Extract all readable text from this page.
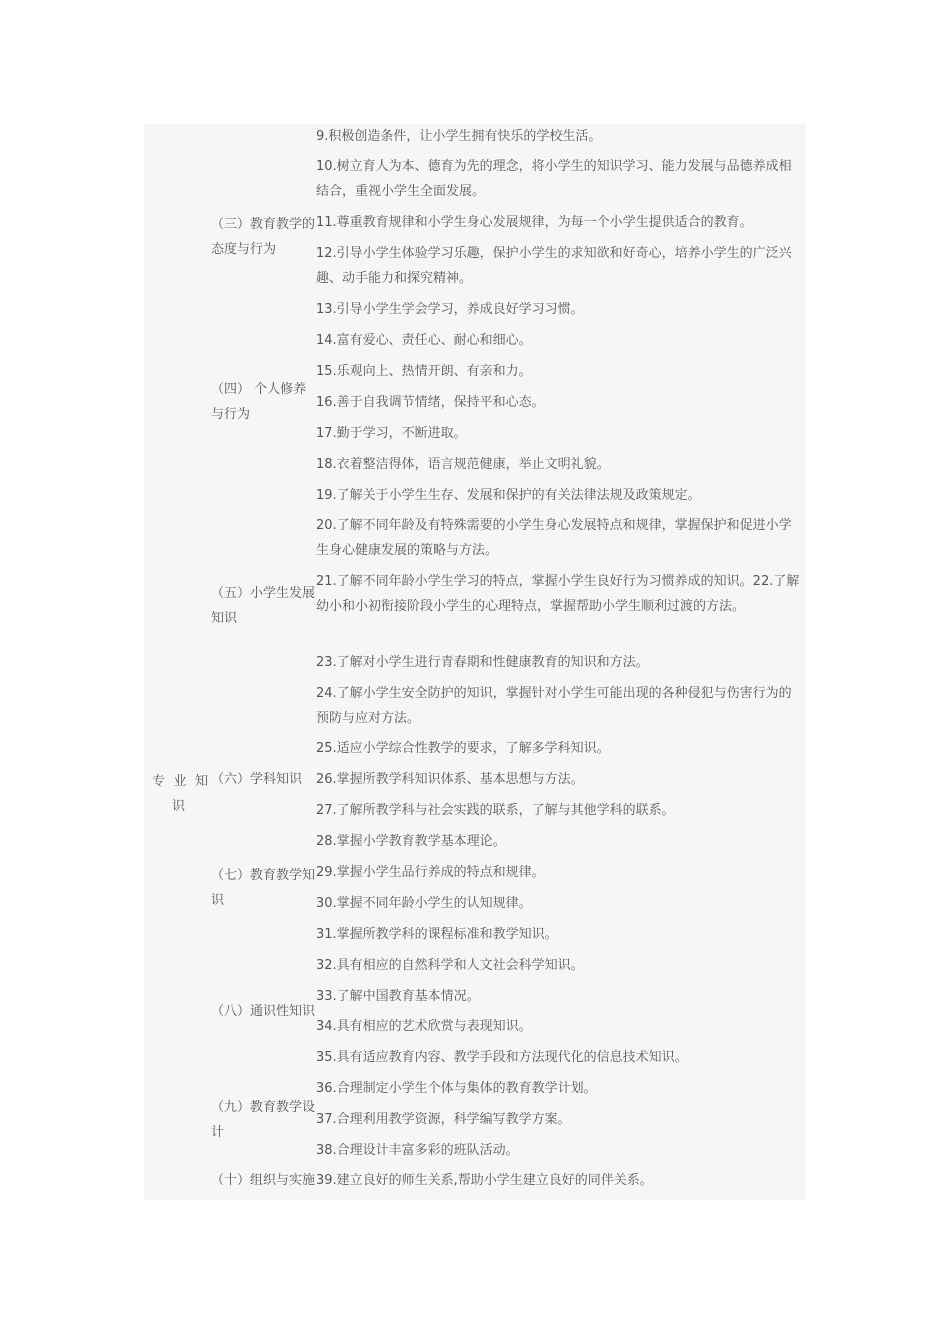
专 业 知
识
（三）教育教学的
态度与行为
（四） 个人修养
与行为
（五）小学生发展
知识
（六）学科知识
（七）教育教学知
识
（八）通识性知识
（九）教育教学设
计
（十）组织与实施
9.积极创造条件，让小学生拥有快乐的学校生活。
10.树立育人为本、德育为先的理念，将小学生的知识学习、能力发展与品德养成相结合，重视小学生全面发展。
11.尊重教育规律和小学生身心发展规律，为每一个小学生提供适合的教育。
12.引导小学生体验学习乐趣，保护小学生的求知欲和好奇心，培养小学生的广泛兴趣、动手能力和探究精神。
13.引导小学生学会学习，养成良好学习习惯。
14.富有爱心、责任心、耐心和细心。
15.乐观向上、热情开朗、有亲和力。
16.善于自我调节情绪，保持平和心态。
17.勤于学习，不断进取。
18.衣着整洁得体，语言规范健康，举止文明礼貌。
19.了解关于小学生生存、发展和保护的有关法律法规及政策规定。
20.了解不同年龄及有特殊需要的小学生身心发展特点和规律，掌握保护和促进小学生身心健康发展的策略与方法。
21.了解不同年龄小学生学习的特点，掌握小学生良好行为习惯养成的知识。22.了解幼小和小初衔接阶段小学生的心理特点，掌握帮助小学生顺利过渡的方法。
23.了解对小学生进行青春期和性健康教育的知识和方法。
24.了解小学生安全防护的知识，掌握针对小学生可能出现的各种侵犯与伤害行为的预防与应对方法。
25.适应小学综合性教学的要求，了解多学科知识。
26.掌握所教学科知识体系、基本思想与方法。
27.了解所教学科与社会实践的联系，了解与其他学科的联系。
28.掌握小学教育教学基本理论。
29.掌握小学生品行养成的特点和规律。
30.掌握不同年龄小学生的认知规律。
31.掌握所教学科的课程标准和教学知识。
32.具有相应的自然科学和人文社会科学知识。
33.了解中国教育基本情况。
34.具有相应的艺术欣赏与表现知识。
35.具有适应教育内容、教学手段和方法现代化的信息技术知识。
36.合理制定小学生个体与集体的教育教学计划。
37.合理利用教学资源，科学编写教学方案。
38.合理设计丰富多彩的班队活动。
39.建立良好的师生关系,帮助小学生建立良好的同伴关系。
